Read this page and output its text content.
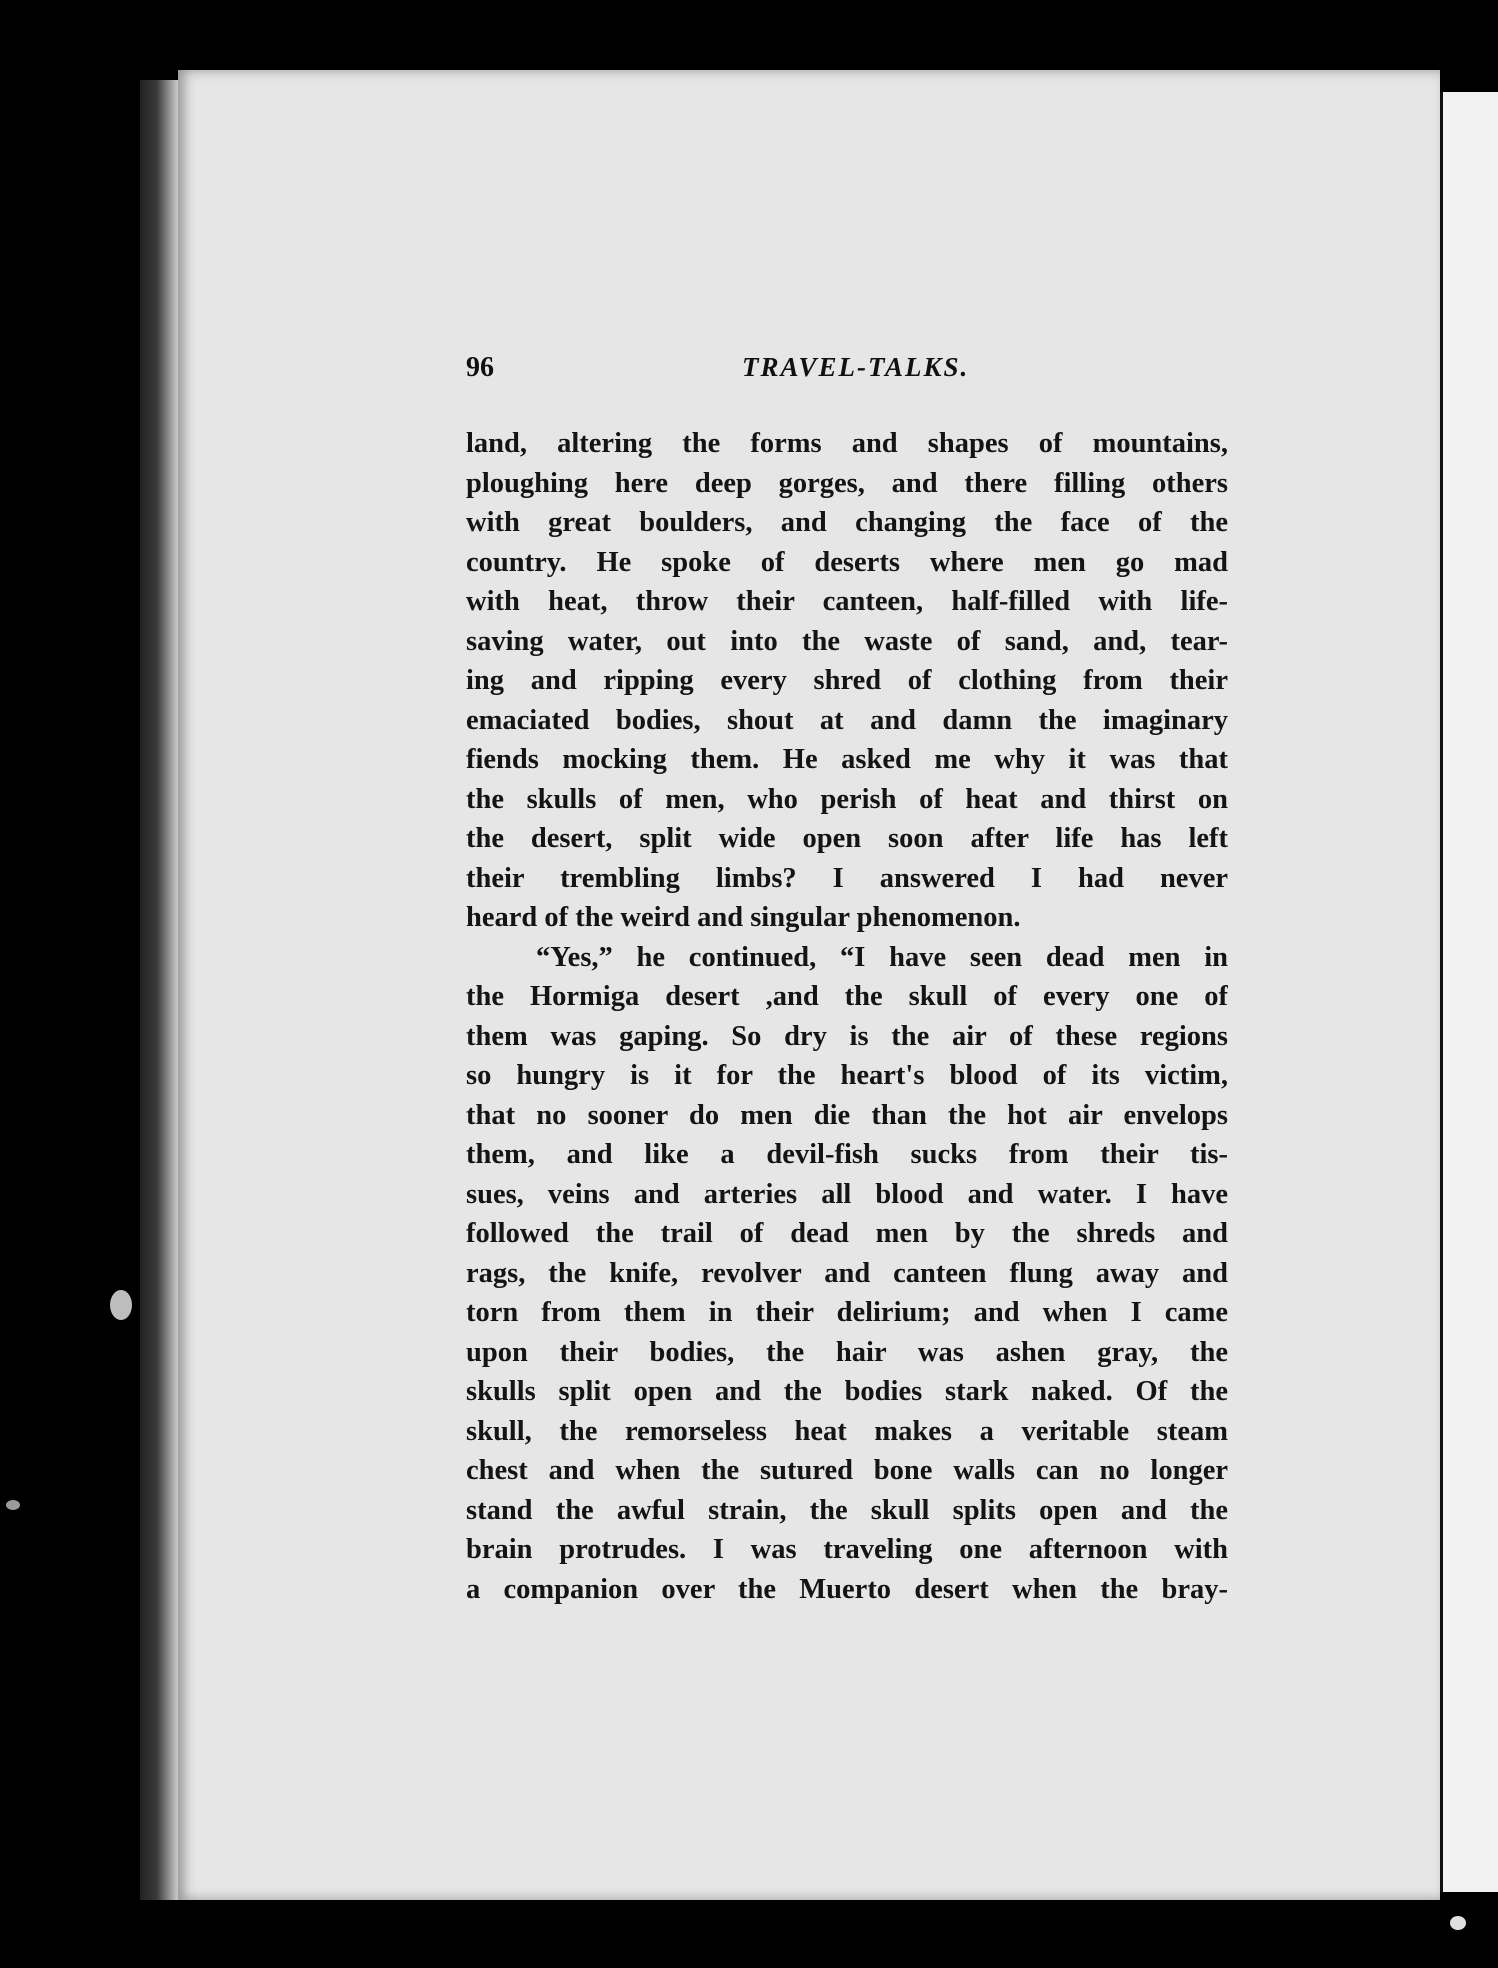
96	TRAVEL-TALKS.
land, altering the forms and shapes of mountains,
ploughing here deep gorges, and there filling others
with great boulders, and changing the face of the
country. He spoke of deserts where men go mad
with heat, throw their canteen, half-filled with life-
saving water, out into the waste of sand, and, tear-
ing and ripping every shred of clothing from their
emaciated bodies, shout at and damn the imaginary
fiends mocking them. He asked me why it was that
the skulls of men, who perish of heat and thirst on
the desert, split wide open soon after life has left
their trembling limbs? I answered I had never
heard of the weird and singular phenomenon.
“Yes,” he continued, “I have seen dead men in
the Hormiga desert ,and the skull of every one of
them was gaping. So dry is the air of these regions
so hungry is it for the heart's blood of its victim,
that no sooner do men die than the hot air envelops
them, and like a devil-fish sucks from their tis-
sues, veins and arteries all blood and water. I have
followed the trail of dead men by the shreds and
rags, the knife, revolver and canteen flung away and
torn from them in their delirium; and when I came
upon their bodies, the hair was ashen gray, the
skulls split open and the bodies stark naked. Of the
skull, the remorseless heat makes a veritable steam
chest and when the sutured bone walls can no longer
stand the awful strain, the skull splits open and the
brain protrudes. I was traveling one afternoon with
a companion over the Muerto desert when the bray-
